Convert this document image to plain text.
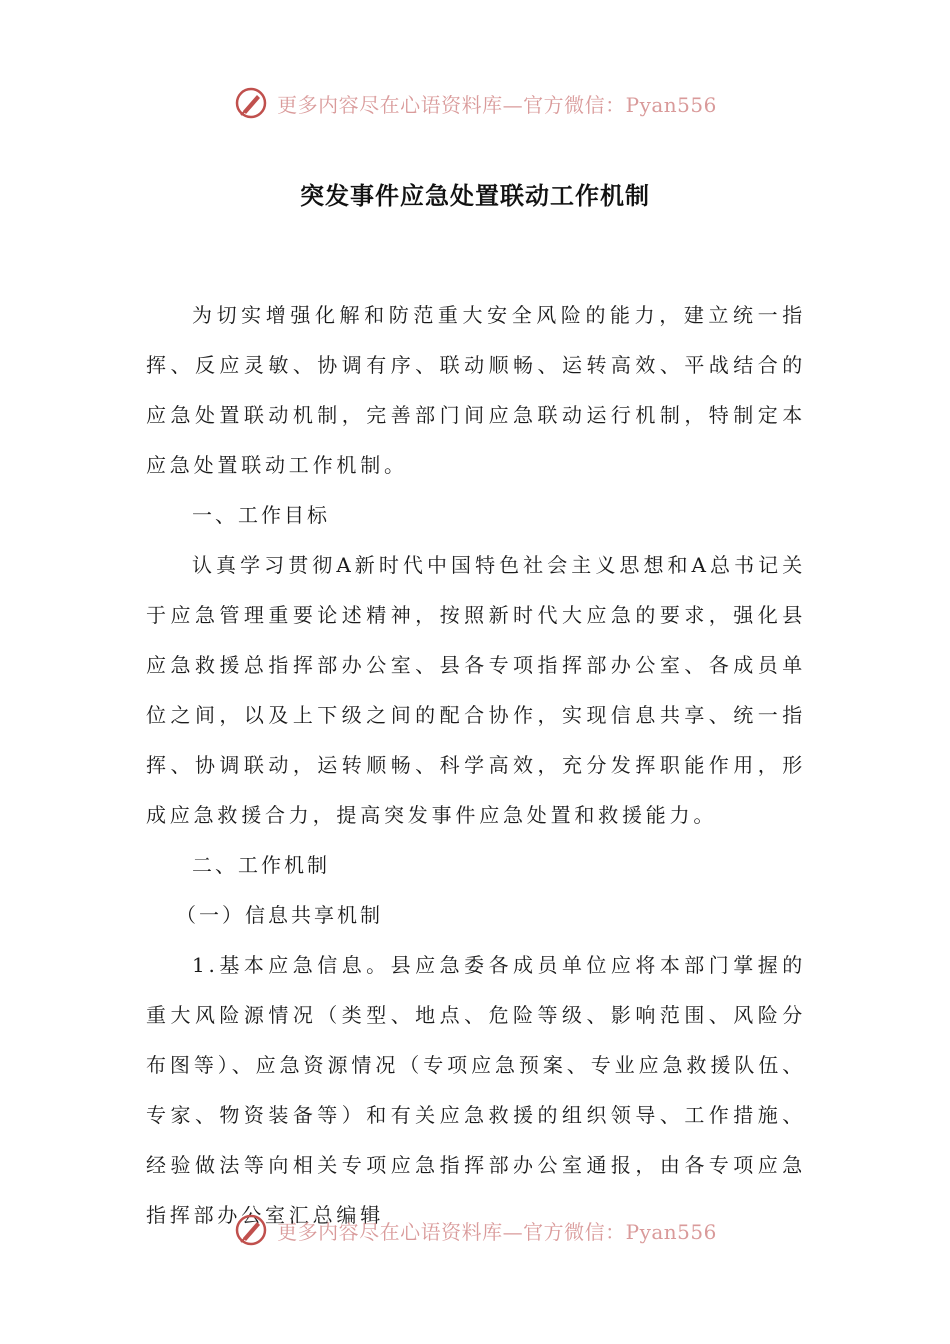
更多内容尽在心语资料库—官方微信：Pyan556
突发事件应急处置联动工作机制

为切实增强化解和防范重大安全风险的能力，建立统一指挥、反应灵敏、协调有序、联动顺畅、运转高效、平战结合的应急处置联动机制，完善部门间应急联动运行机制，特制定本应急处置联动工作机制。

一、工作目标

认真学习贯彻A新时代中国特色社会主义思想和A总书记关于应急管理重要论述精神，按照新时代大应急的要求，强化县应急救援总指挥部办公室、县各专项指挥部办公室、各成员单位之间，以及上下级之间的配合协作，实现信息共享、统一指挥、协调联动，运转顺畅、科学高效，充分发挥职能作用，形成应急救援合力，提高突发事件应急处置和救援能力。

二、工作机制

（一）信息共享机制

1.基本应急信息。县应急委各成员单位应将本部门掌握的重大风险源情况（类型、地点、危险等级、影响范围、风险分布图等）、应急资源情况（专项应急预案、专业应急救援队伍、专家、物资装备等）和有关应急救援的组织领导、工作措施、经验做法等向相关专项应急指挥部办公室通报，由各专项应急指挥部办公室汇总编辑

更多内容尽在心语资料库—官方微信：Pyan556
